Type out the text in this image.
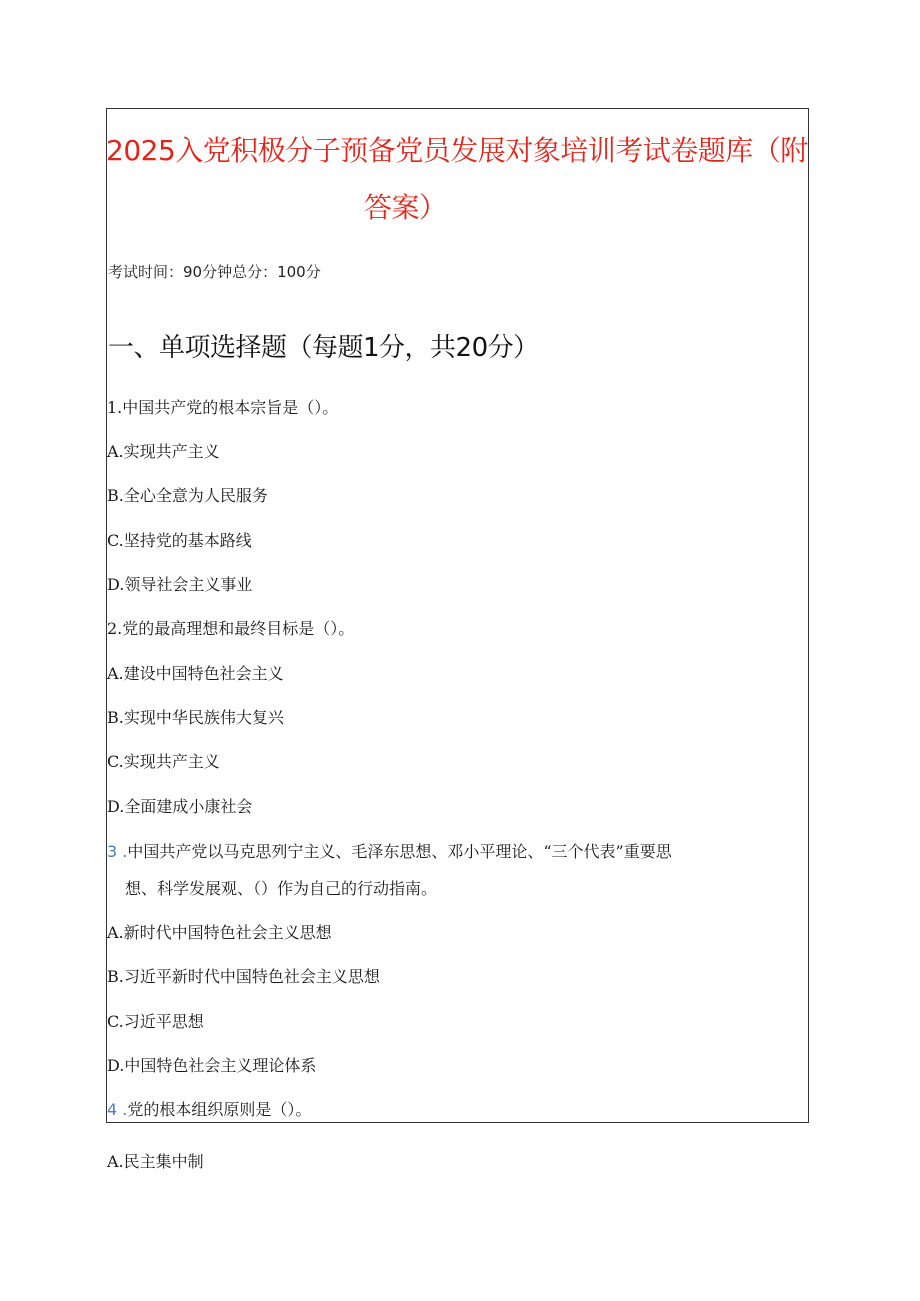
2025入党积极分子预备党员发展对象培训考试卷题库（附
答案）
考试时间：90分钟总分：100分
一、单项选择题（每题1分，共20分）
1.中国共产党的根本宗旨是（）。
A.实现共产主义
B.全心全意为人民服务
C.坚持党的基本路线
D.领导社会主义事业
2.党的最高理想和最终目标是（）。
A.建设中国特色社会主义
B.实现中华民族伟大复兴
C.实现共产主义
D.全面建成小康社会
3 .中国共产党以马克思列宁主义、毛泽东思想、邓小平理论、“三个代表”重要思
想、科学发展观、（）作为自己的行动指南。
A.新时代中国特色社会主义思想
B.习近平新时代中国特色社会主义思想
C.习近平思想
D.中国特色社会主义理论体系
4 .党的根本组织原则是（）。
A.民主集中制
